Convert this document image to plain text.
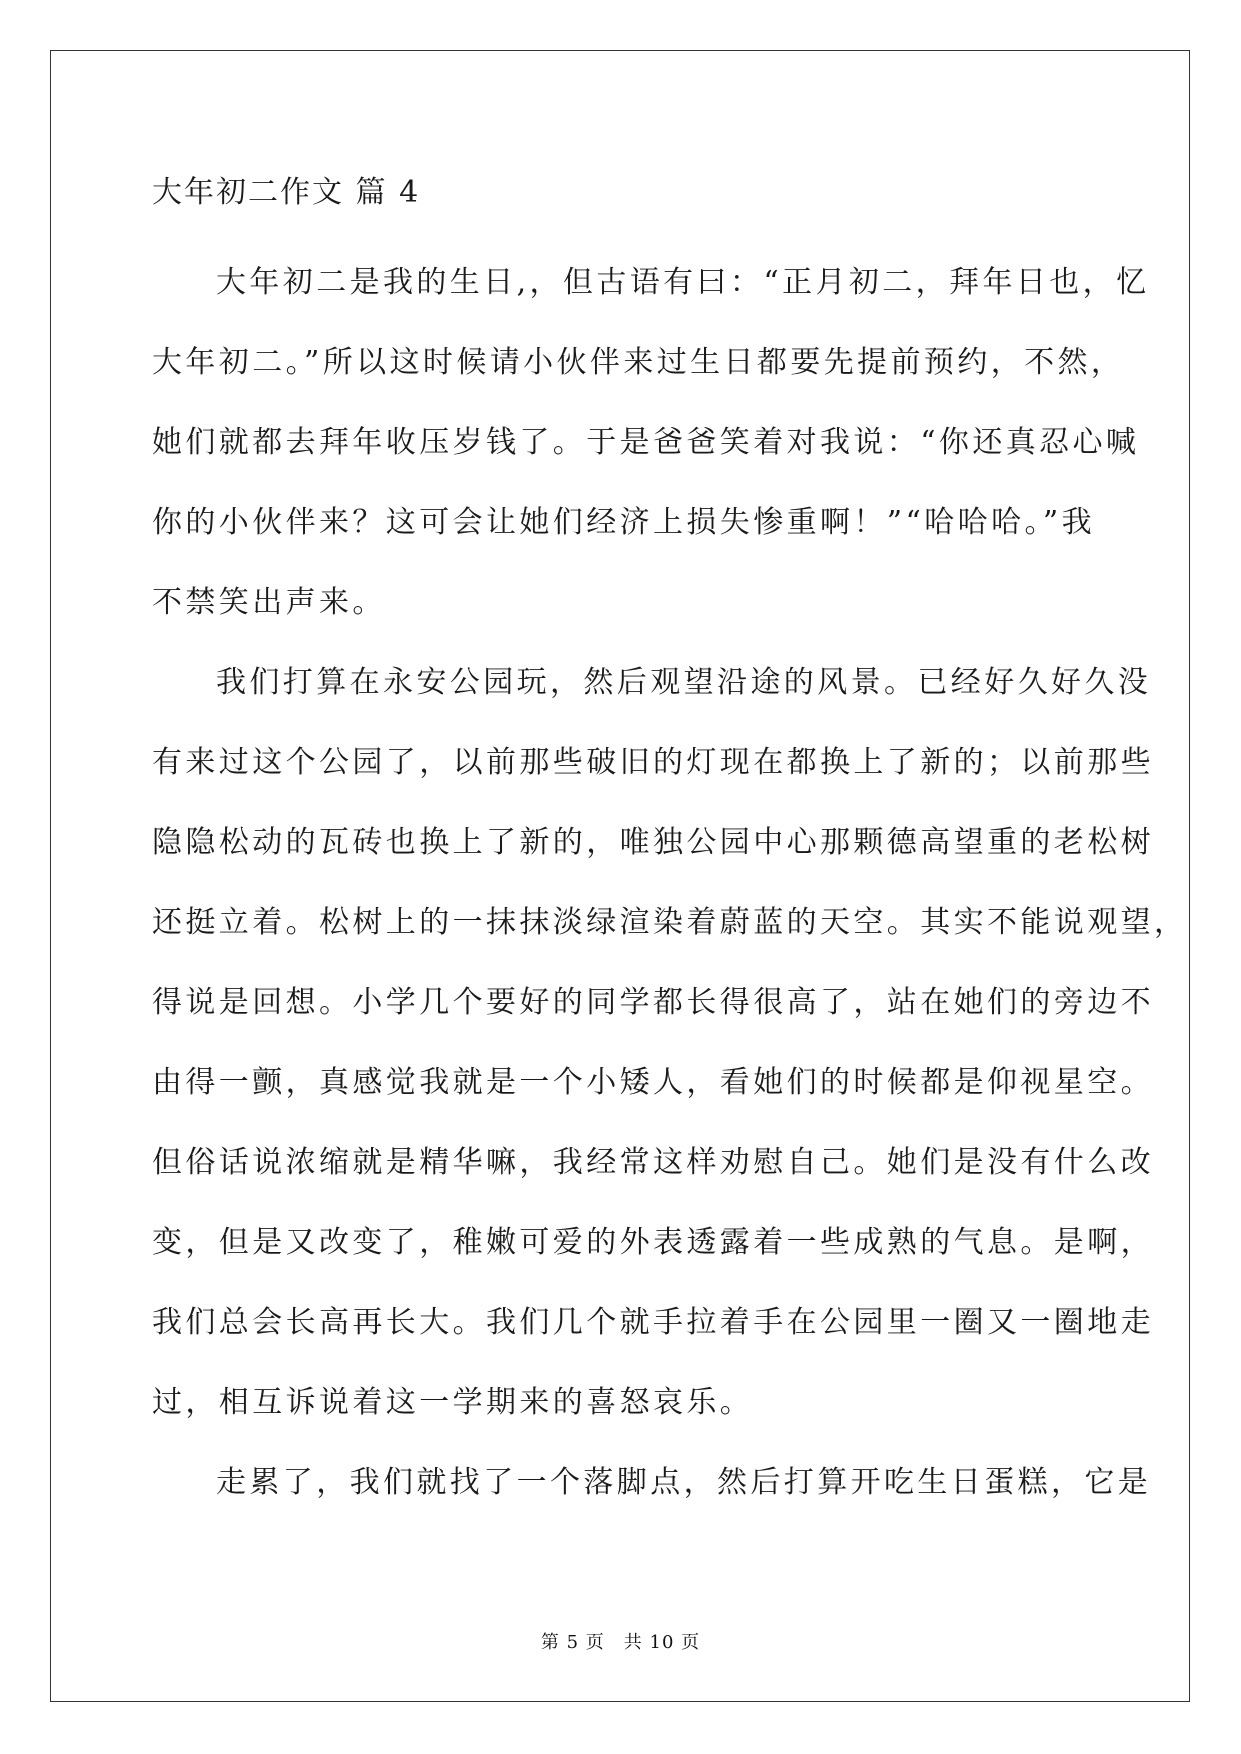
大年初二作文 篇 4

大年初二是我的生日,，但古语有曰：“正月初二，拜年日也，忆
大年初二。”所以这时候请小伙伴来过生日都要先提前预约，不然，
她们就都去拜年收压岁钱了。于是爸爸笑着对我说：“你还真忍心喊
你的小伙伴来？这可会让她们经济上损失惨重啊！”“哈哈哈。”我
不禁笑出声来。

我们打算在永安公园玩，然后观望沿途的风景。已经好久好久没
有来过这个公园了，以前那些破旧的灯现在都换上了新的；以前那些
隐隐松动的瓦砖也换上了新的，唯独公园中心那颗德高望重的老松树
还挺立着。松树上的一抹抹淡绿渲染着蔚蓝的天空。其实不能说观望，
得说是回想。小学几个要好的同学都长得很高了，站在她们的旁边不
由得一颤，真感觉我就是一个小矮人，看她们的时候都是仰视星空。
但俗话说浓缩就是精华嘛，我经常这样劝慰自己。她们是没有什么改
变，但是又改变了，稚嫩可爱的外表透露着一些成熟的气息。是啊，
我们总会长高再长大。我们几个就手拉着手在公园里一圈又一圈地走
过，相互诉说着这一学期来的喜怒哀乐。

走累了，我们就找了一个落脚点，然后打算开吃生日蛋糕，它是

第 5 页　共 10 页
